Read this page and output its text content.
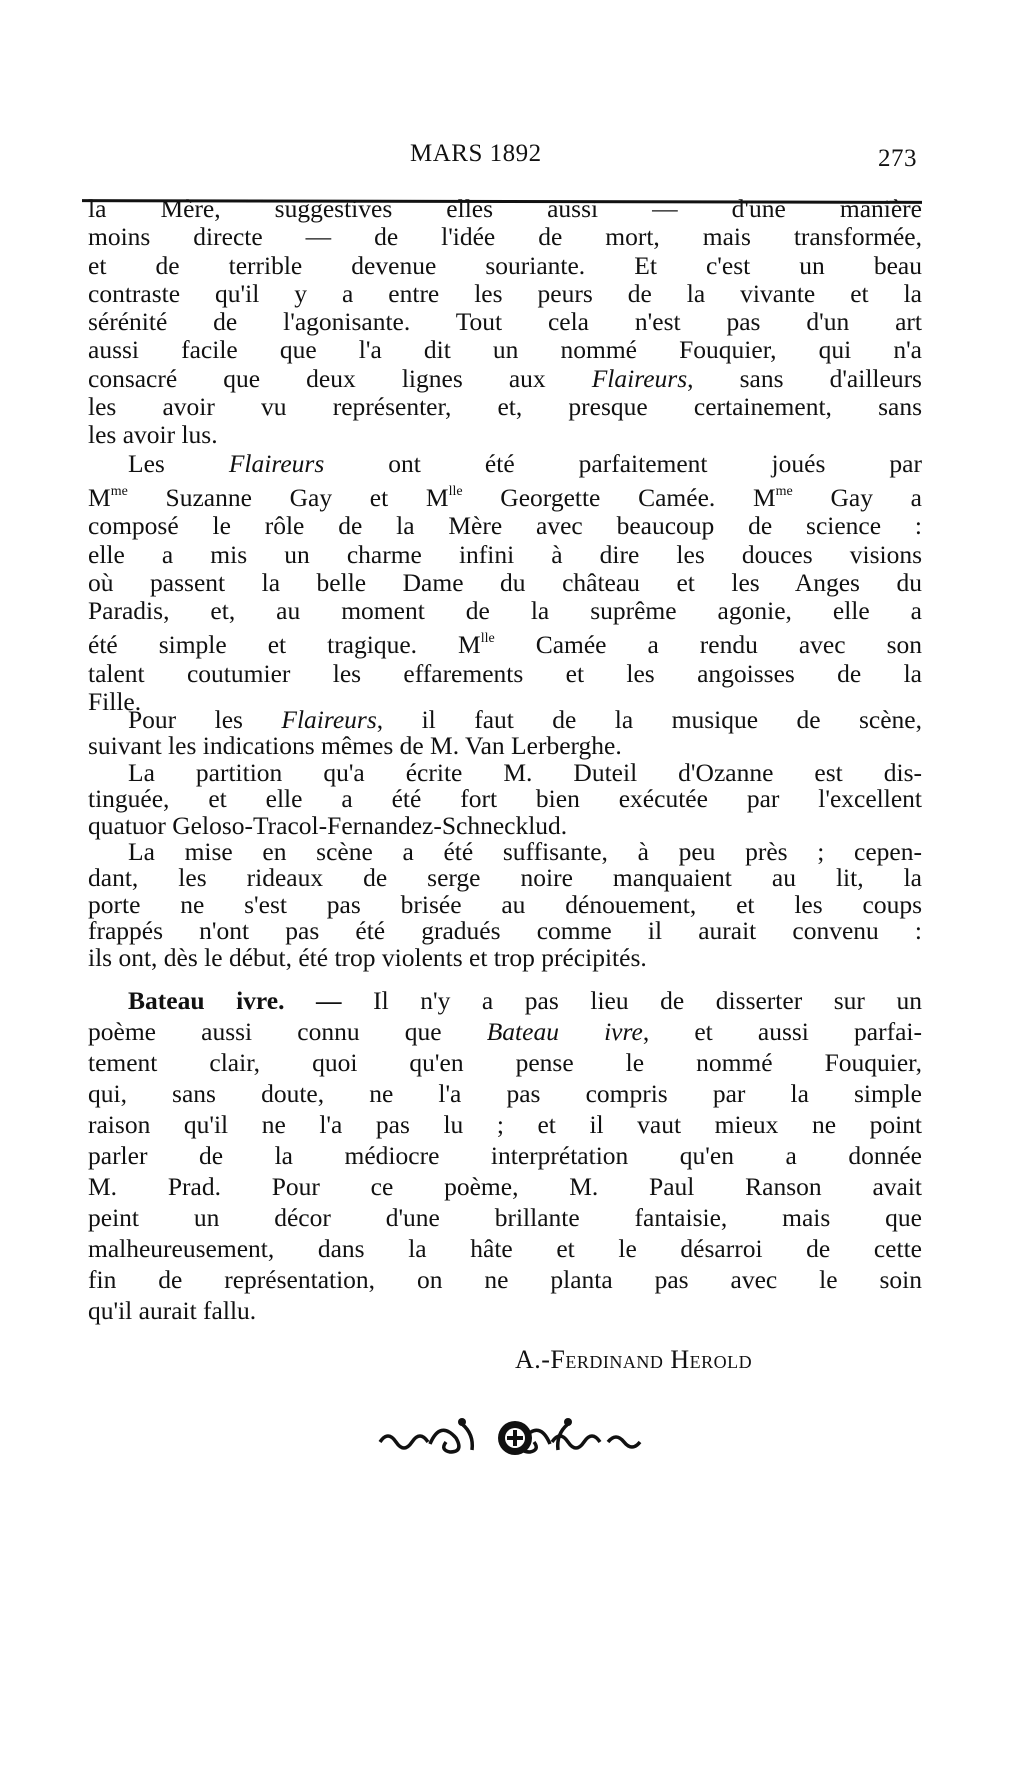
MARS 1892	273
la Mère, suggestives elles aussi — d'une manière
moins directe — de l'idée de mort, mais transformée,
et de terrible devenue souriante. Et c'est un beau
contraste qu'il y a entre les peurs de la vivante et la
sérénité de l'agonisante. Tout cela n'est pas d'un art
aussi facile que l'a dit un nommé Fouquier, qui n'a
consacré que deux lignes aux Flaireurs, sans d'ailleurs
les avoir vu représenter, et, presque certainement, sans
les avoir lus.
Les Flaireurs ont été parfaitement joués par
$M^{me}$ Suzanne Gay et $M^{lle}$ Georgette Camée. $M^{me}$ Gay a
composé le rôle de la Mère avec beaucoup de science :
elle a mis un charme infini à dire les douces visions
où passent la belle Dame du château et les Anges du
Paradis, et, au moment de la suprême agonie, elle a
été simple et tragique. $M^{lle}$ Camée a rendu avec son
talent coutumier les effarements et les angoisses de la
Fille.
Pour les Flaireurs, il faut de la musique de scène,
suivant les indications mêmes de M. Van Lerberghe.
La partition qu'a écrite M. Duteil d'Ozanne est dis-
tinguée, et elle a été fort bien exécutée par l'excellent
quatuor Geloso-Tracol-Fernandez-Schnecklud.
La mise en scène a été suffisante, à peu près ; cepen-
dant, les rideaux de serge noire manquaient au lit, la
porte ne s'est pas brisée au dénouement, et les coups
frappés n'ont pas été gradués comme il aurait convenu :
ils ont, dès le début, été trop violents et trop précipités.
Bateau ivre. — Il n'y a pas lieu de disserter sur un
poème aussi connu que Bateau ivre, et aussi parfai-
tement clair, quoi qu'en pense le nommé Fouquier,
qui, sans doute, ne l'a pas compris par la simple
raison qu'il ne l'a pas lu ; et il vaut mieux ne point
parler de la médiocre interprétation qu'en a donnée
M. Prad. Pour ce poème, M. Paul Ranson avait
peint un décor d'une brillante fantaisie, mais que
malheureusement, dans la hâte et le désarroi de cette
fin de représentation, on ne planta pas avec le soin
qu'il aurait fallu.
A.-Ferdinand Herold
